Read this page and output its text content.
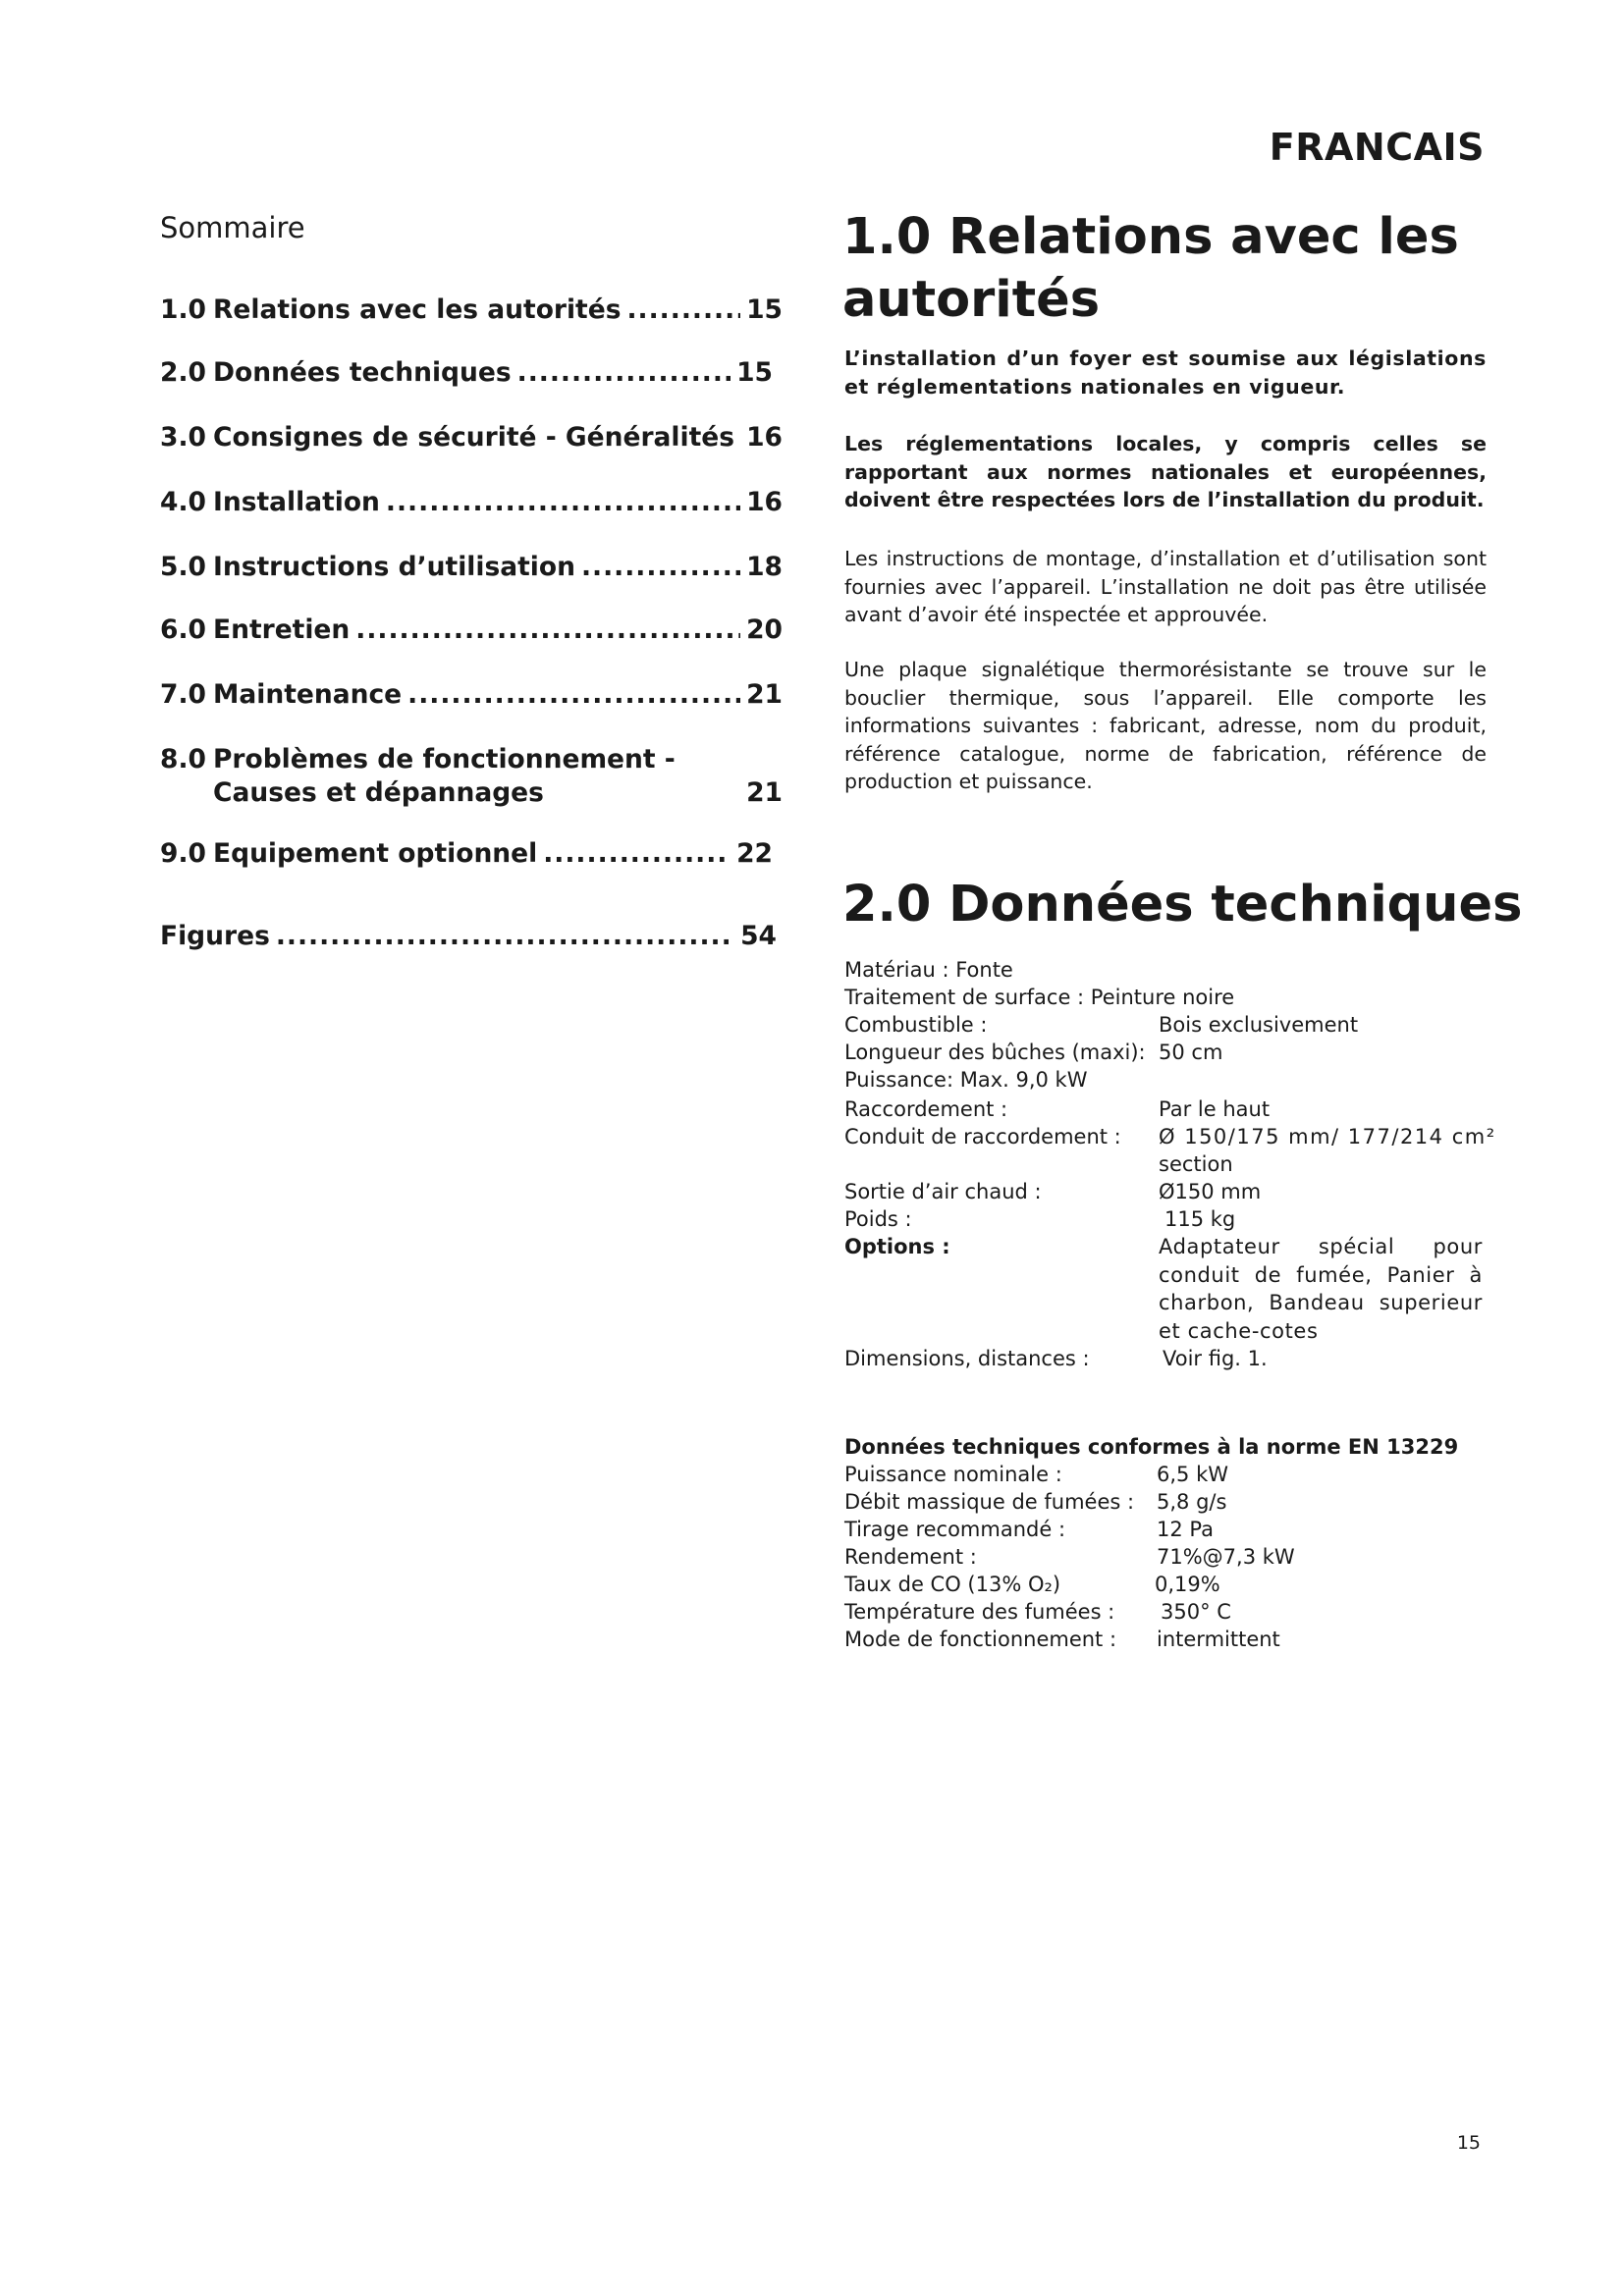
FRANCAIS
Sommaire
1.0 Relations avec les autorités .....	15
2.0 Données techniques .....	15
3.0 Consignes de sécurité - Généralités ..... 16
4.0 Installation .....	16
5.0 Instructions d’utilisation .....	18
6.0 Entretien .....	20
7.0 Maintenance .....	21
8.0 Problèmes de fonctionnement -
Causes et dépannages	21
9.0 Equipement optionnel .....	22
Figures .....	54
1.0 Relations avec les
autorités
L’installation d’un foyer est soumise aux législations et réglementations nationales en vigueur.
Les réglementations locales, y compris celles se rapportant aux normes nationales et européennes, doivent être respectées lors de l’installation du produit.
Les instructions de montage, d’installation et d’utilisation sont fournies avec l’appareil. L’installation ne doit pas être utilisée avant d’avoir été inspectée et approuvée.
Une plaque signalétique thermorésistante se trouve sur le bouclier thermique, sous l’appareil. Elle comporte les informations suivantes : fabricant, adresse, nom du produit, référence catalogue, norme de fabrication, référence de production et puissance.
2.0 Données techniques
Matériau : Fonte
Traitement de surface : Peinture noire
Combustible :	Bois exclusivement
Longueur des bûches (maxi): 50 cm
Puissance: Max. 9,0 kW
Raccordement :	Par le haut
Conduit de raccordement : Ø 150/175 mm/ 177/214 cm²
section
Sortie d’air chaud :	Ø150 mm
Poids :	115 kg
Options :	Adaptateur spécial pour conduit de fumée, Panier à charbon, Bandeau superieur et cache-cotes
Dimensions, distances :	Voir fig. 1.
Données techniques conformes à la norme EN 13229
Puissance nominale :	6,5 kW
Débit massique de fumées : 5,8 g/s
Tirage recommandé :	12 Pa
Rendement :	71%@7,3 kW
Taux de CO (13% O₂)	0,19%
Température des fumées : 350° C
Mode de fonctionnement : intermittent
15
